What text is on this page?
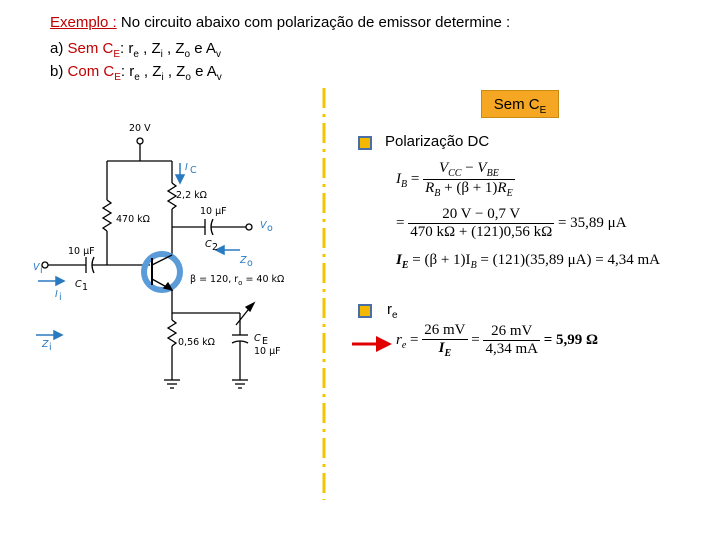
Exemplo : No circuito abaixo com polarização de emissor determine :
a) Sem $C_E$: $r_e$ , $Z_i$ , $Z_o$ e $A_v$
b) Com $C_E$: $r_e$ , $Z_i$ , $Z_o$ e $A_v$
Sem $C_E$
Polarização DC
$r_e$
20 V
I C
2,2 kΩ
470 kΩ
10 μF
C 2
V o
10 μF
C 1
V i
I i
Z o
β = 120, $r_o = 40$ kΩ
0,56 kΩ	C E
10 μF
Z i
$I_B = \frac{V_{CC} - V_{BE}}{R_B + (\beta + 1)R_E}$
= $\frac{20 V - 0,7 V}{470 k\Omega + (121)0,56 k\Omega} = 35,89$ μA
$I_E = (\beta + 1)I_B = (121)(35,89$ μA) = 4,34 mA
$r_e = \frac{26 mV}{I_E} = \frac{26 mV}{4,34 mA} = 5,99$ Ω
